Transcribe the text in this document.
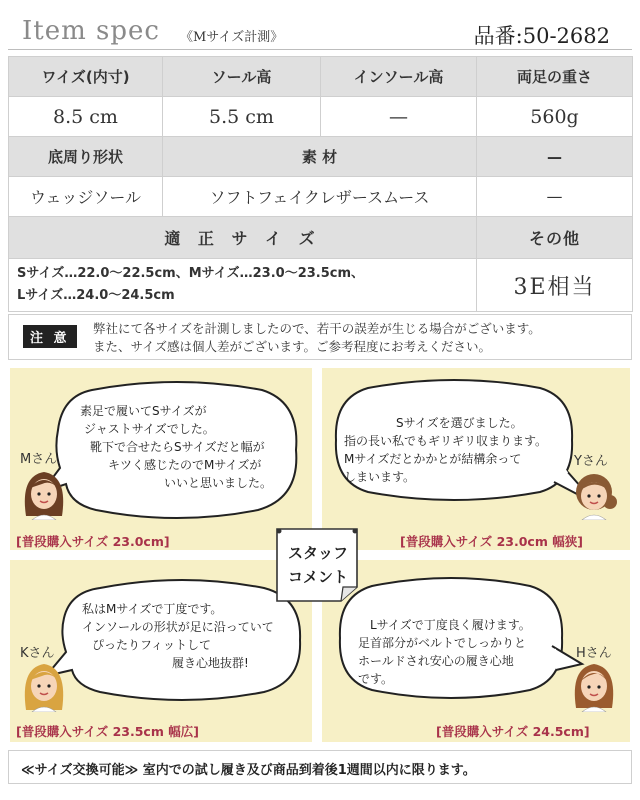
Item spec 《Mサイズ計測》	品番:50-2682
ワイズ(内寸)	ソール高	インソール高	両足の重さ
8.5 cm	5.5 cm	—	560g
底周り形状	素 材		—
ウェッジソール	ソフトフェイクレザースムース		—
適 正 サ イ ズ			その他

Sサイズ…22.0〜22.5cm、Mサイズ…23.0〜23.5cm、
Lサイズ…24.0〜24.5cm			3E相当
注 意
弊社にて各サイズを計測しましたので、若干の誤差が生じる場合がございます。
また、サイズ感は個人差がございます。ご参考程度にお考えください。
素足で履いてSサイズが
ジャストサイズでした。
靴下で合せたらSサイズだと幅が
キツく感じたのでMサイズが
いいと思いました。
Mさん
[普段購入サイズ 23.0cm]
Sサイズを選びました。
指の長い私でもギリギリ収まります。
Mサイズだとかかとが結構余って
しまいます。
Yさん
[普段購入サイズ 23.0cm 幅狭]
私はMサイズで丁度です。
インソールの形状が足に沿っていて
ぴったりフィットして
履き心地抜群!
Kさん
[普段購入サイズ 23.5cm 幅広]
Lサイズで丁度良く履けます。
足首部分がベルトでしっかりと
ホールドされ安心の履き心地
です。
Hさん
[普段購入サイズ 24.5cm]
スタッフ
コメント
≪サイズ交換可能≫ 室内での試し履き及び商品到着後1週間以内に限ります。
